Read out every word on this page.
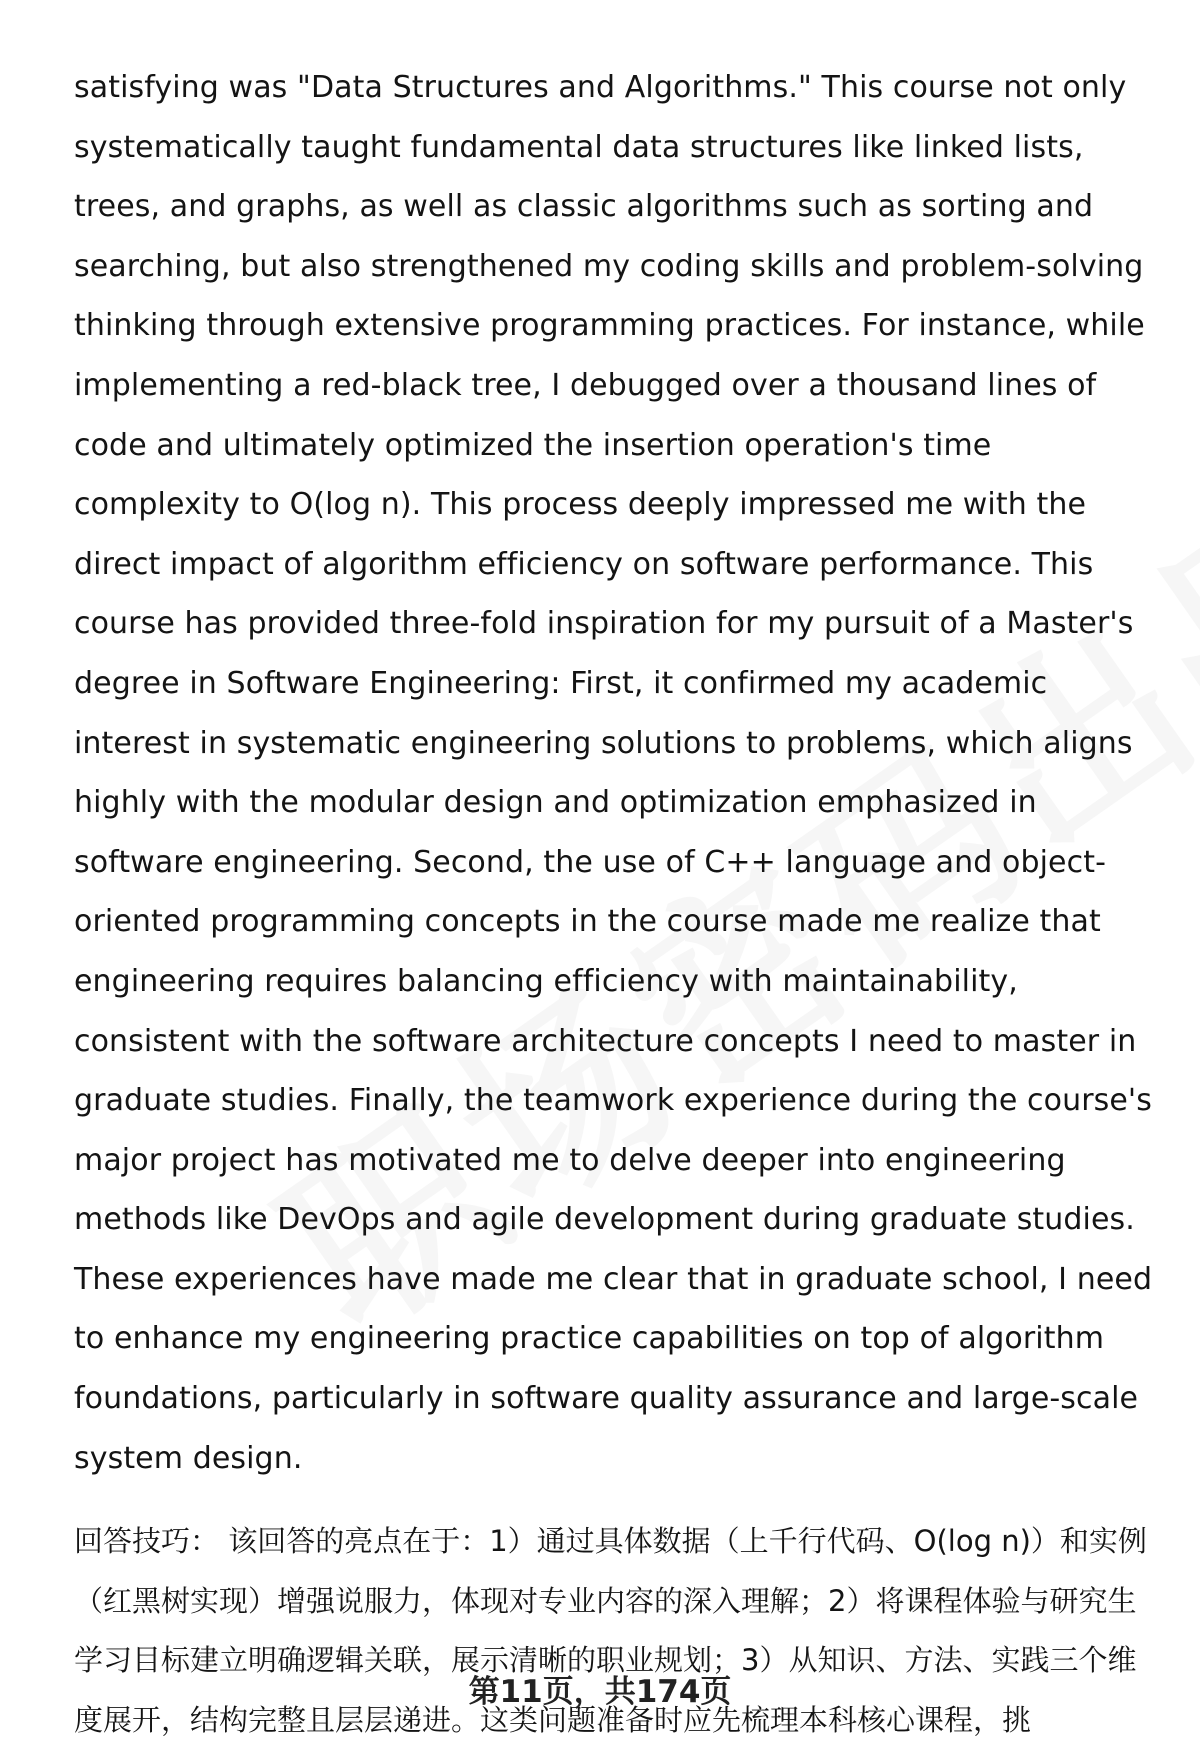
satisfying was "Data Structures and Algorithms." This course not only systematically taught fundamental data structures like linked lists, trees, and graphs, as well as classic algorithms such as sorting and searching, but also strengthened my coding skills and problem-solving thinking through extensive programming practices. For instance, while implementing a red-black tree, I debugged over a thousand lines of code and ultimately optimized the insertion operation's time complexity to O(log n). This process deeply impressed me with the direct impact of algorithm efficiency on software performance. This course has provided three-fold inspiration for my pursuit of a Master's degree in Software Engineering: First, it confirmed my academic interest in systematic engineering solutions to problems, which aligns highly with the modular design and optimization emphasized in software engineering. Second, the use of C++ language and object-oriented programming concepts in the course made me realize that engineering requires balancing efficiency with maintainability, consistent with the software architecture concepts I need to master in graduate studies. Finally, the teamwork experience during the course's major project has motivated me to delve deeper into engineering methods like DevOps and agile development during graduate studies. These experiences have made me clear that in graduate school, I need to enhance my engineering practice capabilities on top of algorithm foundations, particularly in software quality assurance and large-scale system design.

回答技巧： 该回答的亮点在于：1）通过具体数据（上千行代码、O(log n)）和实例（红黑树实现）增强说服力，体现对专业内容的深入理解；2）将课程体验与研究生学习目标建立明确逻辑关联，展示清晰的职业规划；3）从知识、方法、实践三个维度展开，结构完整且层层递进。这类问题准备时应先梳理本科核心课程，挑

第11页，共174页
